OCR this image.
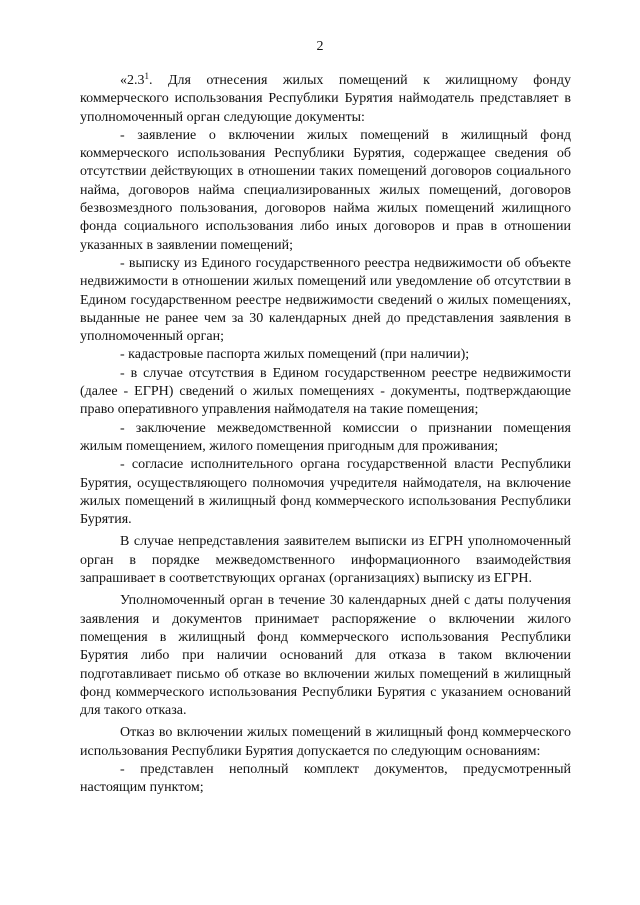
2

«$2.3^1$. Для отнесения жилых помещений к жилищному фонду коммерческого использования Республики Бурятия наймодатель представляет в уполномоченный орган следующие документы:

- заявление о включении жилых помещений в жилищный фонд коммерческого использования Республики Бурятия, содержащее сведения об отсутствии действующих в отношении таких помещений договоров социального найма, договоров найма специализированных жилых помещений, договоров безвозмездного пользования, договоров найма жилых помещений жилищного фонда социального использования либо иных договоров и прав в отношении указанных в заявлении помещений;

- выписку из Единого государственного реестра недвижимости об объекте недвижимости в отношении жилых помещений или уведомление об отсутствии в Едином государственном реестре недвижимости сведений о жилых помещениях, выданные не ранее чем за 30 календарных дней до представления заявления в уполномоченный орган;

- кадастровые паспорта жилых помещений (при наличии);

- в случае отсутствия в Едином государственном реестре недвижимости (далее - ЕГРН) сведений о жилых помещениях - документы, подтверждающие право оперативного управления наймодателя на такие помещения;

- заключение межведомственной комиссии о признании помещения жилым помещением, жилого помещения пригодным для проживания;

- согласие исполнительного органа государственной власти Республики Бурятия, осуществляющего полномочия учредителя наймодателя, на включение жилых помещений в жилищный фонд коммерческого использования Республики Бурятия.

В случае непредставления заявителем выписки из ЕГРН уполномоченный орган в порядке межведомственного информационного взаимодействия запрашивает в соответствующих органах (организациях) выписку из ЕГРН.

Уполномоченный орган в течение 30 календарных дней с даты получения заявления и документов принимает распоряжение о включении жилого помещения в жилищный фонд коммерческого использования Республики Бурятия либо при наличии оснований для отказа в таком включении подготавливает письмо об отказе во включении жилых помещений в жилищный фонд коммерческого использования Республики Бурятия с указанием оснований для такого отказа.

Отказ во включении жилых помещений в жилищный фонд коммерческого использования Республики Бурятия допускается по следующим основаниям:

- представлен неполный комплект документов, предусмотренный настоящим пунктом;
